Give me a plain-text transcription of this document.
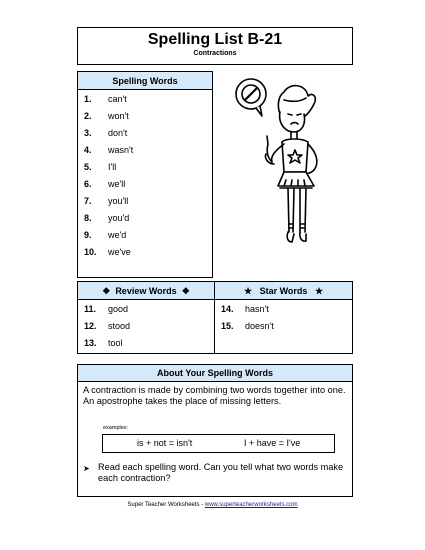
Spelling List B-21
Contractions
Spelling Words
1. can't
2. won't
3. don't
4. wasn't
5. I'll
6. we'll
7. you'll
8. you'd
9. we'd
10. we've
❖ Review Words ❖	★ Star Words ★
11. good
12. stood
13. tool
14. hasn't
15. doesn't
About Your Spelling Words
A contraction is made by combining two words together into one. An apostrophe takes the place of missing letters.
examples:
is + not = isn't	I + have = I've
➤ Read each spelling word. Can you tell what two words make each contraction?
Super Teacher Worksheets - www.superteacherworksheets.com
